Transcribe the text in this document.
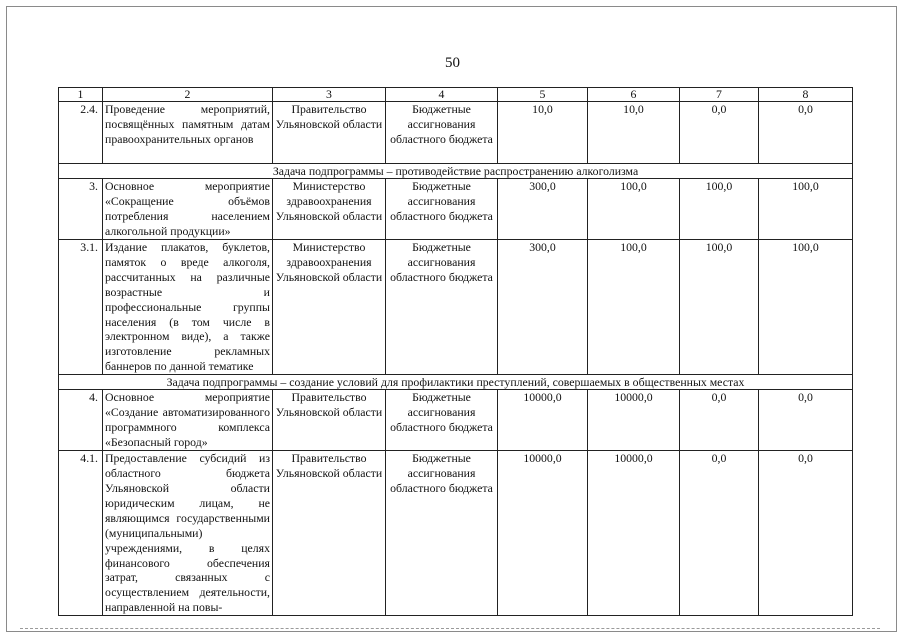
50
1	2	3	4	5	6	7	8
2.4.	Проведение мероприятий, посвящённых памятным датам правоохранительных органов	Правительство Ульяновской области	Бюджетные ассигнования областного бюджета	10,0	10,0	0,0	0,0
Задача подпрограммы – противодействие распространению алкоголизма							
3.	Основное мероприятие «Сокращение объёмов потребления населением алкогольной продукции»	Министерство здравоохранения Ульяновской области	Бюджетные ассигнования областного бюджета	300,0	100,0	100,0	100,0
3.1.	Издание плакатов, буклетов, памяток о вреде алкоголя, рассчитанных на различные возрастные и профессиональные группы населения (в том числе в электронном виде), а также изготовление рекламных баннеров по данной тематике	Министерство здравоохранения Ульяновской области	Бюджетные ассигнования областного бюджета	300,0	100,0	100,0	100,0
Задача подпрограммы – создание условий для профилактики преступлений, совершаемых в общественных местах							
4.	Основное мероприятие «Создание автоматизированного программного комплекса «Безопасный город»	Правительство Ульяновской области	Бюджетные ассигнования областного бюджета	10000,0	10000,0	0,0	0,0
4.1.	Предоставление субсидий из областного бюджета Ульяновской области юридическим лицам, не являющимся государственными (муниципальными) учреждениями, в целях финансового обеспечения затрат, связанных с осуществлением деятельности, направленной на повы-	Правительство Ульяновской области	Бюджетные ассигнования областного бюджета	10000,0	10000,0	0,0	0,0
